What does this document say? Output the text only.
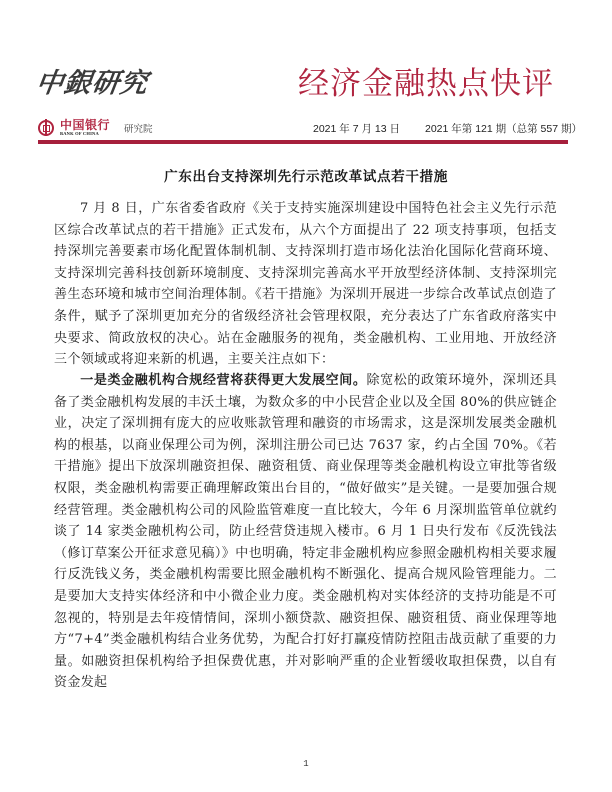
中銀研究	经济金融热点快评
中国银行
BANK OF CHINA	研究院	2021 年 7 月 13 日 2021 年第 121 期（总第 557 期）
广东出台支持深圳先行示范改革试点若干措施

7 月 8 日，广东省委省政府《关于支持实施深圳建设中国特色社会主义先行示范区综合改革试点的若干措施》正式发布，从六个方面提出了 22 项支持事项，包括支持深圳完善要素市场化配置体制机制、支持深圳打造市场化法治化国际化营商环境、支持深圳完善科技创新环境制度、支持深圳完善高水平开放型经济体制、支持深圳完善生态环境和城市空间治理体制。《若干措施》为深圳开展进一步综合改革试点创造了条件，赋予了深圳更加充分的省级经济社会管理权限，充分表达了广东省政府落实中央要求、简政放权的决心。站在金融服务的视角，类金融机构、工业用地、开放经济三个领域或将迎来新的机遇，主要关注点如下：

一是类金融机构合规经营将获得更大发展空间。除宽松的政策环境外，深圳还具备了类金融机构发展的丰沃土壤，为数众多的中小民营企业以及全国 80%的供应链企业，决定了深圳拥有庞大的应收账款管理和融资的市场需求，这是深圳发展类金融机构的根基，以商业保理公司为例，深圳注册公司已达 7637 家，约占全国 70%。《若干措施》提出下放深圳融资担保、融资租赁、商业保理等类金融机构设立审批等省级权限，类金融机构需要正确理解政策出台目的，“做好做实”是关键。一是要加强合规经营管理。类金融机构公司的风险监管难度一直比较大，今年 6 月深圳监管单位就约谈了 14 家类金融机构公司，防止经营贷违规入楼市。6 月 1 日央行发布《反洗钱法（修订草案公开征求意见稿）》中也明确，特定非金融机构应参照金融机构相关要求履行反洗钱义务，类金融机构需要比照金融机构不断强化、提高合规风险管理能力。二是要加大支持实体经济和中小微企业力度。类金融机构对实体经济的支持功能是不可忽视的，特别是去年疫情情间，深圳小额贷款、融资担保、融资租赁、商业保理等地方“7+4”类金融机构结合业务优势，为配合打好打赢疫情防控阻击战贡献了重要的力量。如融资担保机构给予担保费优惠，并对影响严重的企业暂缓收取担保费，以自有资金发起

1
